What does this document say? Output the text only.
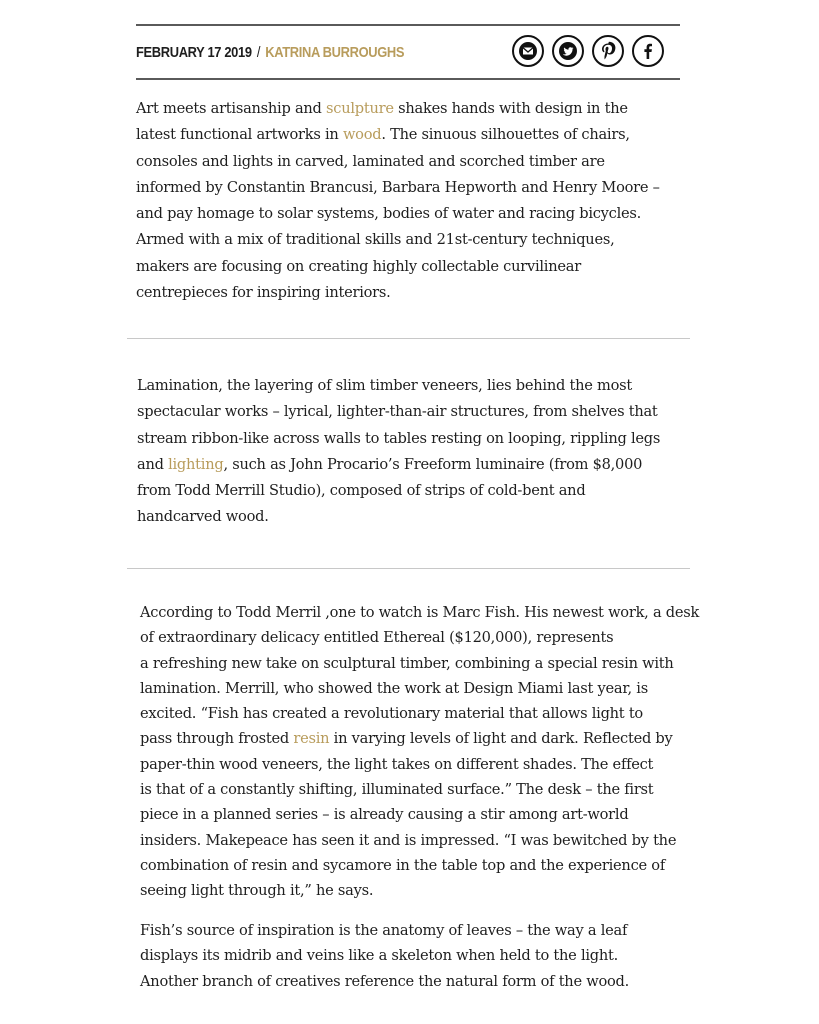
FEBRUARY 17 2019 / KATRINA BURROUGHS

Art meets artisanship and sculpture shakes hands with design in the
latest functional artworks in wood. The sinuous silhouettes of chairs,
consoles and lights in carved, laminated and scorched timber are
informed by Constantin Brancusi, Barbara Hepworth and Henry Moore –
and pay homage to solar systems, bodies of water and racing bicycles.
Armed with a mix of traditional skills and 21st-century techniques,
makers are focusing on creating highly collectable curvilinear
centrepieces for inspiring interiors.

Lamination, the layering of slim timber veneers, lies behind the most
spectacular works – lyrical, lighter-than-air structures, from shelves that
stream ribbon-like across walls to tables resting on looping, rippling legs
and lighting, such as John Procario’s Freeform luminaire (from $8,000
from Todd Merrill Studio), composed of strips of cold-bent and
handcarved wood.

According to Todd Merril ,one to watch is Marc Fish. His newest work, a desk
of extraordinary delicacy entitled Ethereal ($120,000), represents
a refreshing new take on sculptural timber, combining a special resin with
lamination. Merrill, who showed the work at Design Miami last year, is
excited. “Fish has created a revolutionary material that allows light to
pass through frosted resin in varying levels of light and dark. Reflected by
paper-thin wood veneers, the light takes on different shades. The effect
is that of a constantly shifting, illuminated surface.” The desk – the first
piece in a planned series – is already causing a stir among art-world
insiders. Makepeace has seen it and is impressed. “I was bewitched by the
combination of resin and sycamore in the table top and the experience of
seeing light through it,” he says.

Fish’s source of inspiration is the anatomy of leaves – the way a leaf
displays its midrib and veins like a skeleton when held to the light.
Another branch of creatives reference the natural form of the wood.
